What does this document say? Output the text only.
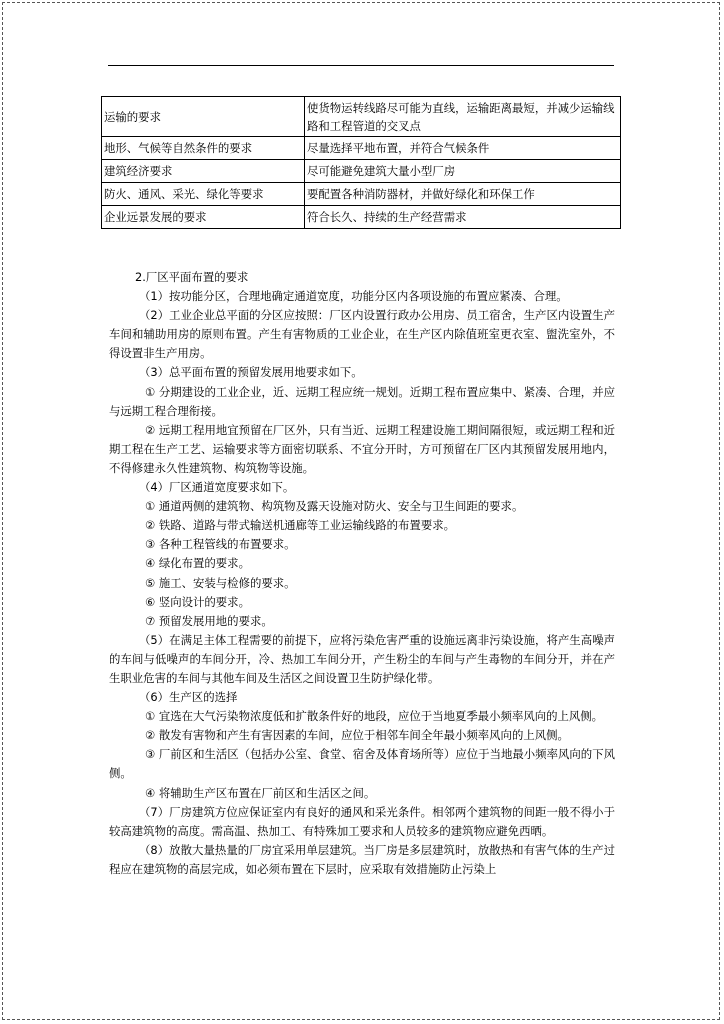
运输的要求	使货物运转线路尽可能为直线，运输距离最短，并减少运输线路和工程管道的交叉点
地形、气候等自然条件的要求	尽量选择平地布置，并符合气候条件
建筑经济要求	尽可能避免建筑大量小型厂房
防火、通风、采光、绿化等要求	要配置各种消防器材，并做好绿化和环保工作
企业远景发展的要求	符合长久、持续的生产经营需求

2.厂区平面布置的要求

（1）按功能分区，合理地确定通道宽度，功能分区内各项设施的布置应紧凑、合理。

（2）工业企业总平面的分区应按照：厂区内设置行政办公用房、员工宿舍，生产区内设置生产车间和辅助用房的原则布置。产生有害物质的工业企业，在生产区内除值班室更衣室、盥洗室外，不得设置非生产用房。

（3）总平面布置的预留发展用地要求如下。

① 分期建设的工业企业，近、远期工程应统一规划。近期工程布置应集中、紧凑、合理，并应与远期工程合理衔接。

② 远期工程用地宜预留在厂区外，只有当近、远期工程建设施工期间隔很短，或远期工程和近期工程在生产工艺、运输要求等方面密切联系、不宜分开时，方可预留在厂区内其预留发展用地内，不得修建永久性建筑物、构筑物等设施。

（4）厂区通道宽度要求如下。

① 通道两侧的建筑物、构筑物及露天设施对防火、安全与卫生间距的要求。

② 铁路、道路与带式输送机通廊等工业运输线路的布置要求。

③ 各种工程管线的布置要求。

④ 绿化布置的要求。

⑤ 施工、安装与检修的要求。

⑥ 竖向设计的要求。

⑦ 预留发展用地的要求。

（5）在满足主体工程需要的前提下，应将污染危害严重的设施远离非污染设施，将产生高噪声的车间与低噪声的车间分开，冷、热加工车间分开，产生粉尘的车间与产生毒物的车间分开，并在产生职业危害的车间与其他车间及生活区之间设置卫生防护绿化带。

（6）生产区的选择

① 宜选在大气污染物浓度低和扩散条件好的地段，应位于当地夏季最小频率风向的上风侧。

② 散发有害物和产生有害因素的车间，应位于相邻车间全年最小频率风向的上风侧。

③ 厂前区和生活区（包括办公室、食堂、宿舍及体育场所等）应位于当地最小频率风向的下风侧。

④ 将辅助生产区布置在厂前区和生活区之间。

（7）厂房建筑方位应保证室内有良好的通风和采光条件。相邻两个建筑物的间距一般不得小于较高建筑物的高度。需高温、热加工、有特殊加工要求和人员较多的建筑物应避免西晒。

（8）放散大量热量的厂房宜采用单层建筑。当厂房是多层建筑时，放散热和有害气体的生产过程应在建筑物的高层完成，如必须布置在下层时，应采取有效措施防止污染上
